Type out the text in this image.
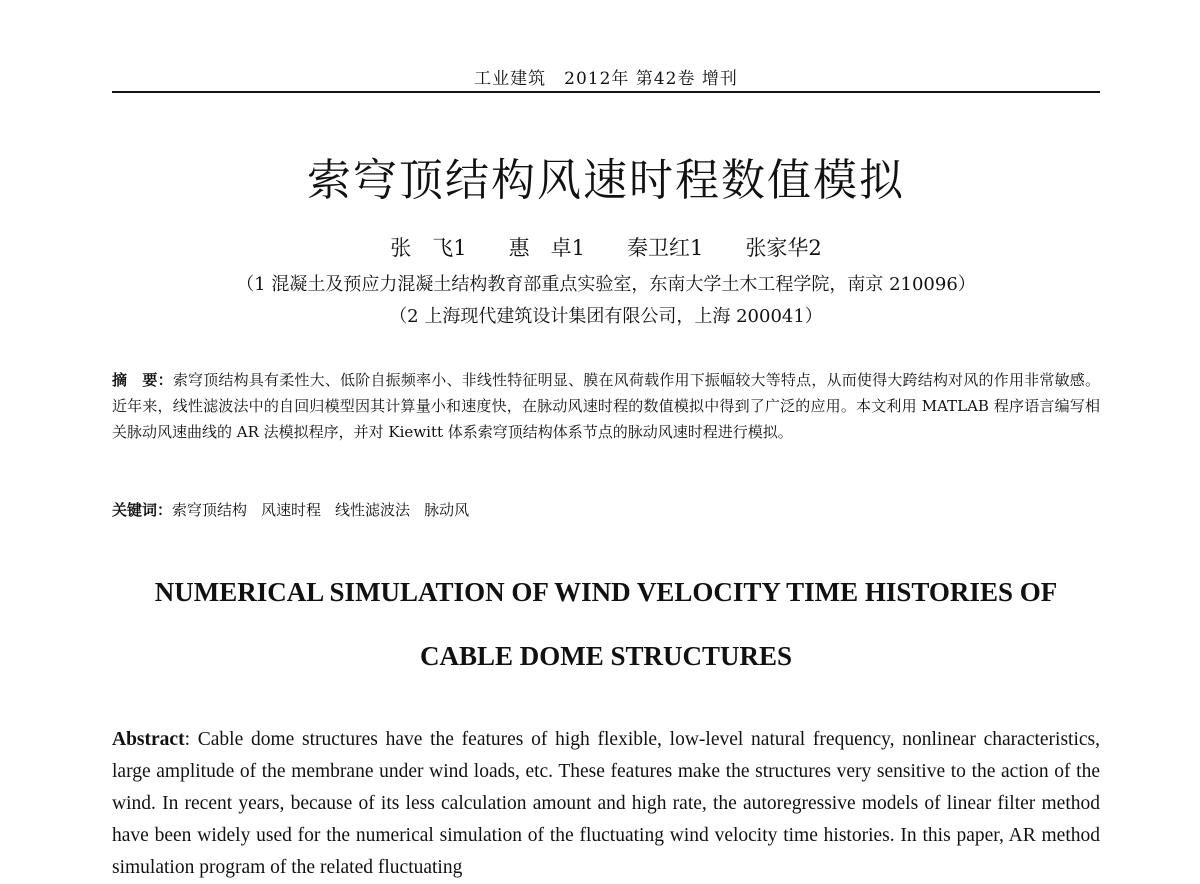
工业建筑　2012年 第42卷 增刊
索穹顶结构风速时程数值模拟
张　飞1　　惠　卓1　　秦卫红1　　张家华2
（1 混凝土及预应力混凝土结构教育部重点实验室，东南大学土木工程学院，南京 210096）
（2 上海现代建筑设计集团有限公司，上海 200041）

摘　要：索穹顶结构具有柔性大、低阶自振频率小、非线性特征明显、膜在风荷载作用下振幅较大等特点，从而使得大跨结构对风的作用非常敏感。近年来，线性滤波法中的自回归模型因其计算量小和速度快，在脉动风速时程的数值模拟中得到了广泛的应用。本文利用 MATLAB 程序语言编写相关脉动风速曲线的 AR 法模拟程序，并对 Kiewitt 体系索穹顶结构体系节点的脉动风速时程进行模拟。

关键词：索穹顶结构 风速时程 线性滤波法 脉动风
NUMERICAL SIMULATION OF WIND VELOCITY TIME HISTORIES OF
CABLE DOME STRUCTURES

Abstract: Cable dome structures have the features of high flexible, low-level natural frequency, nonlinear characteristics, large amplitude of the membrane under wind loads, etc. These features make the structures very sensitive to the action of the wind. In recent years, because of its less calculation amount and high rate, the autoregressive models of linear filter method have been widely used for the numerical simulation of the fluctuating wind velocity time histories. In this paper, AR method simulation program of the related fluctuating
